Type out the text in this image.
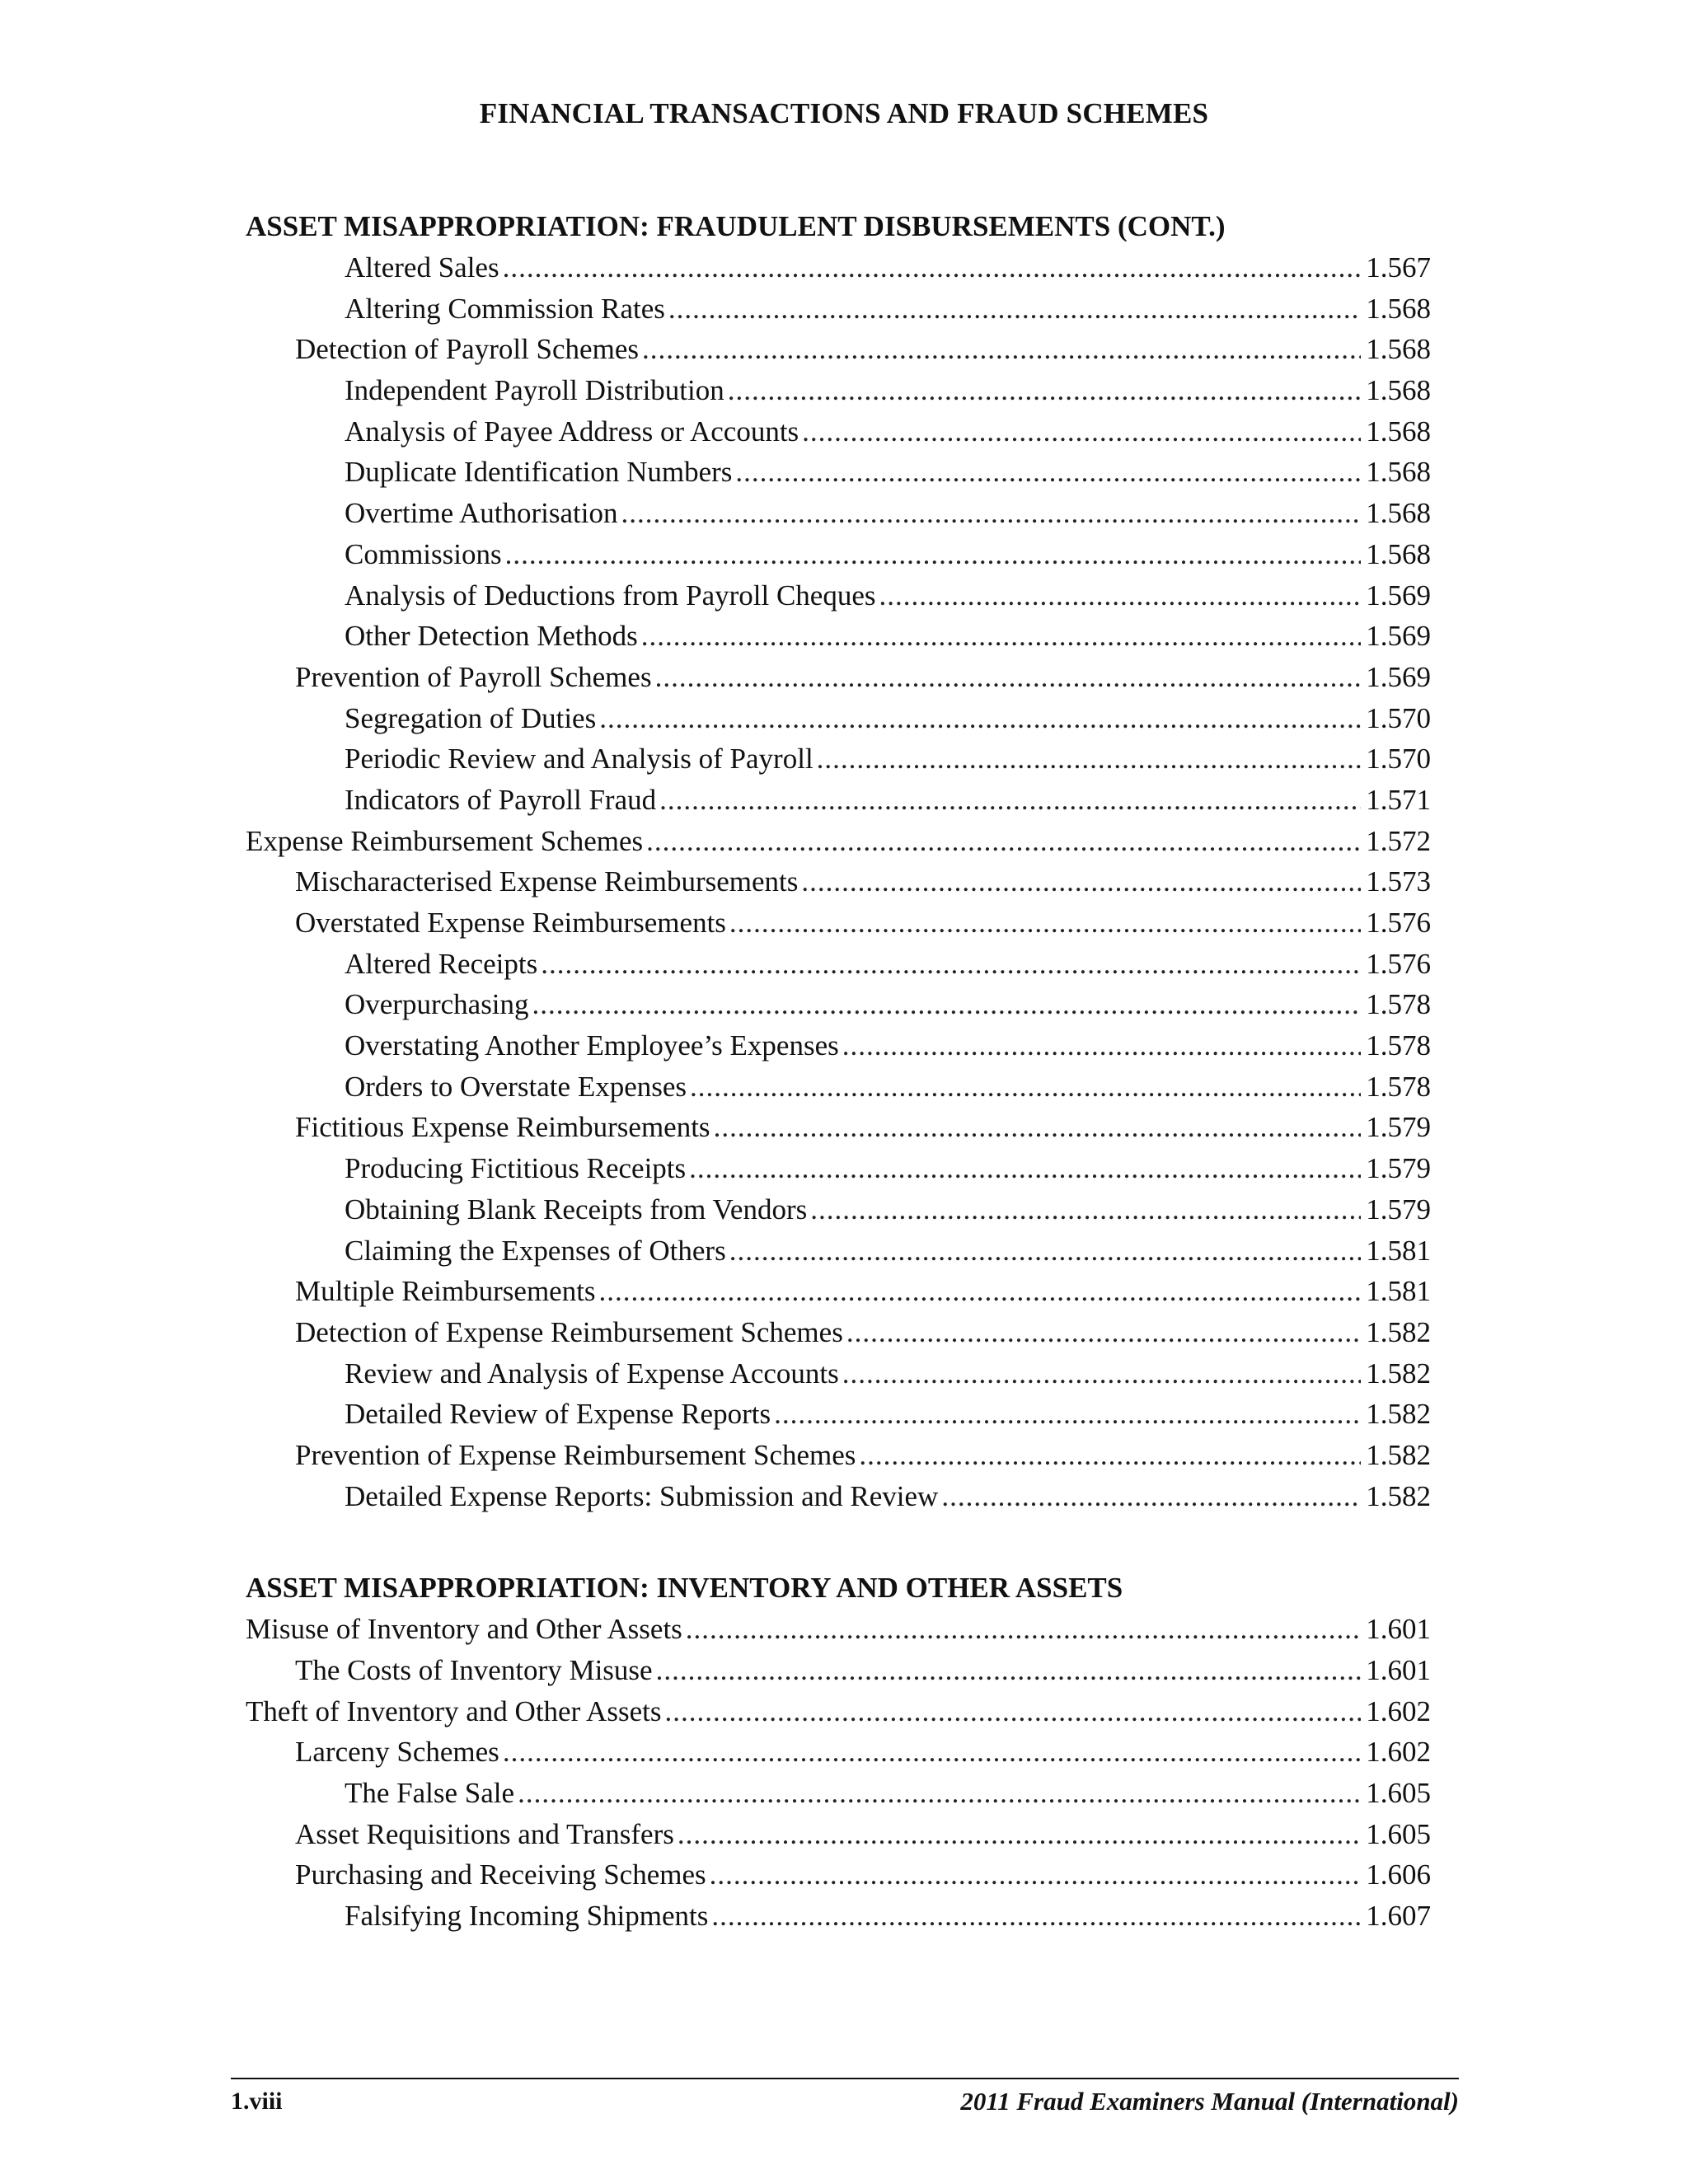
FINANCIAL TRANSACTIONS AND FRAUD SCHEMES
ASSET MISAPPROPRIATION: FRAUDULENT DISBURSEMENTS (CONT.)
Altered Sales .....	1.567
Altering Commission Rates .....	1.568
Detection of Payroll Schemes .....	1.568
Independent Payroll Distribution .....	1.568
Analysis of Payee Address or Accounts .....	1.568
Duplicate Identification Numbers .....	1.568
Overtime Authorisation .....	1.568
Commissions .....	1.568
Analysis of Deductions from Payroll Cheques .....	1.569
Other Detection Methods .....	1.569
Prevention of Payroll Schemes .....	1.569
Segregation of Duties .....	1.570
Periodic Review and Analysis of Payroll .....	1.570
Indicators of Payroll Fraud .....	1.571
Expense Reimbursement Schemes .....	1.572
Mischaracterised Expense Reimbursements .....	1.573
Overstated Expense Reimbursements .....	1.576
Altered Receipts .....	1.576
Overpurchasing .....	1.578
Overstating Another Employee’s Expenses .....	1.578
Orders to Overstate Expenses .....	1.578
Fictitious Expense Reimbursements .....	1.579
Producing Fictitious Receipts .....	1.579
Obtaining Blank Receipts from Vendors .....	1.579
Claiming the Expenses of Others .....	1.581
Multiple Reimbursements .....	1.581
Detection of Expense Reimbursement Schemes .....	1.582
Review and Analysis of Expense Accounts .....	1.582
Detailed Review of Expense Reports .....	1.582
Prevention of Expense Reimbursement Schemes .....	1.582
Detailed Expense Reports: Submission and Review .....	1.582
ASSET MISAPPROPRIATION: INVENTORY AND OTHER ASSETS
Misuse of Inventory and Other Assets .....	1.601
The Costs of Inventory Misuse .....	1.601
Theft of Inventory and Other Assets .....	1.602
Larceny Schemes .....	1.602
The False Sale .....	1.605
Asset Requisitions and Transfers .....	1.605
Purchasing and Receiving Schemes .....	1.606
Falsifying Incoming Shipments .....	1.607
1.viii	2011 Fraud Examiners Manual (International)
